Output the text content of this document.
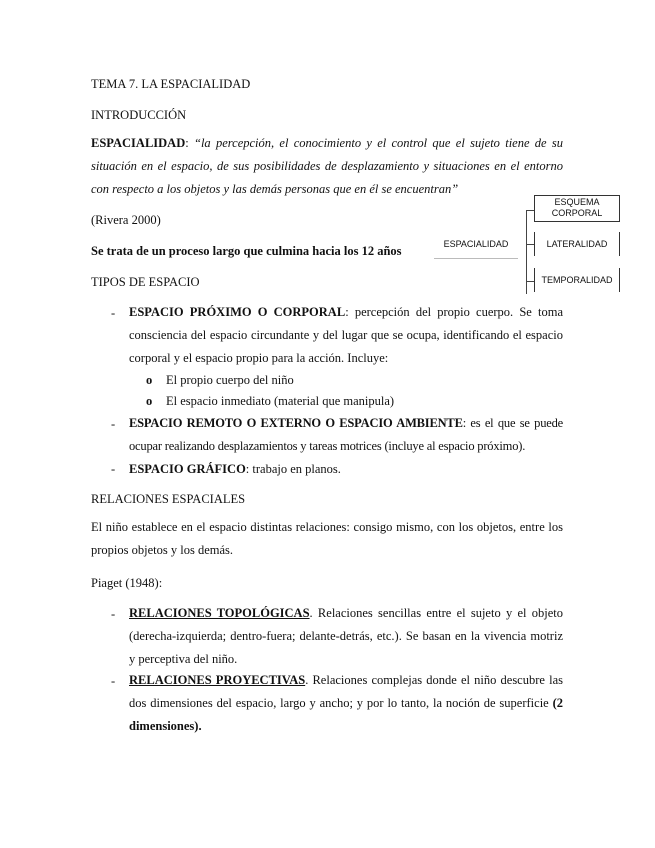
TEMA 7. LA ESPACIALIDAD
INTRODUCCIÓN
ESPACIALIDAD: “la percepción, el conocimiento y el control que el sujeto tiene de su situación en el espacio, de sus posibilidades de desplazamiento y situaciones en el entorno con respecto a los objetos y las demás personas que en él se encuentran”
(Rivera 2000)
Se trata de un proceso largo que culmina hacia los 12 años	ESPACIALIDAD
ESQUEMA CORPORAL
LATERALIDAD
TEMPORALIDAD
TIPOS DE ESPACIO
- ESPACIO PRÓXIMO O CORPORAL: percepción del propio cuerpo. Se toma consciencia del espacio circundante y del lugar que se ocupa, identificando el espacio corporal y el espacio propio para la acción. Incluye:
o El propio cuerpo del niño
o El espacio inmediato (material que manipula)
- ESPACIO REMOTO O EXTERNO O ESPACIO AMBIENTE: es el que se puede ocupar realizando desplazamientos y tareas motrices (incluye al espacio próximo).
- ESPACIO GRÁFICO: trabajo en planos.
RELACIONES ESPACIALES
El niño establece en el espacio distintas relaciones: consigo mismo, con los objetos, entre los propios objetos y los demás.
Piaget (1948):
- RELACIONES TOPOLÓGICAS. Relaciones sencillas entre el sujeto y el objeto (derecha-izquierda; dentro-fuera; delante-detrás, etc.). Se basan en la vivencia motriz y perceptiva del niño.
- RELACIONES PROYECTIVAS. Relaciones complejas donde el niño descubre las dos dimensiones del espacio, largo y ancho; y por lo tanto, la noción de superficie (2 dimensiones).
